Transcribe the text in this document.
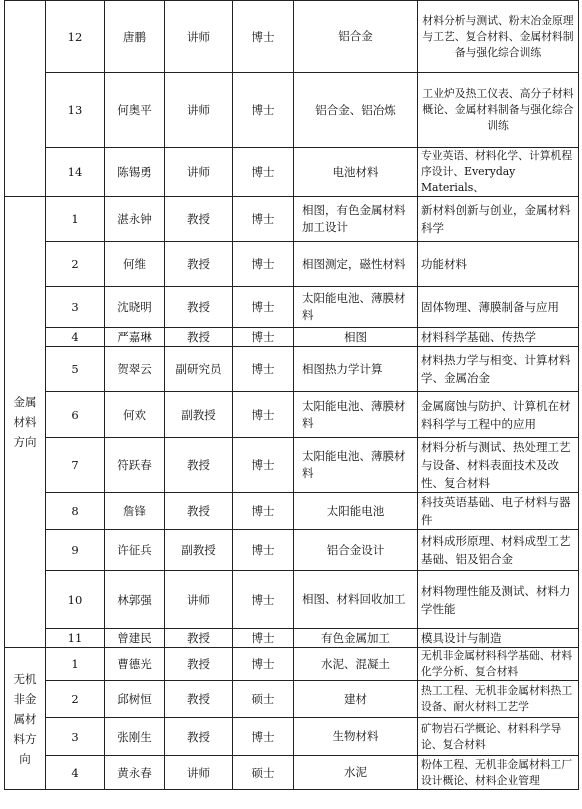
	12	唐鹏	讲师	博士	铝合金	材料分析与测试、粉末冶金原理与工艺、复合材料、金属材料制备与强化综合训练
	13	何奥平	讲师	博士	铝合金、铝冶炼	工业炉及热工仪表、高分子材料概论、金属材料制备与强化综合训练
	14	陈锡勇	讲师	博士	电池材料	专业英语、材料化学、计算机程序设计、Everyday Materials、
金属材料方向	1	湛永钟	教授	博士	相图，有色金属材料加工设计	新材料创新与创业，金属材料科学
	2	何维	教授	博士	相图测定，磁性材料	功能材料
	3	沈晓明	教授	博士	太阳能电池、薄膜材料	固体物理、薄膜制备与应用
	4	严嘉琳	教授	博士	相图	材料科学基础、传热学
	5	贺翠云	副研究员	博士	相图热力学计算	材料热力学与相变、计算材料学、金属冶金
	6	何欢	副教授	博士	太阳能电池、薄膜材料	金属腐蚀与防护、计算机在材料科学与工程中的应用
	7	符跃春	教授	博士	太阳能电池、薄膜材料	材料分析与测试、热处理工艺与设备、材料表面技术及改性、复合材料
	8	詹锋	教授	博士	太阳能电池	科技英语基础、电子材料与器件
	9	许征兵	副教授	博士	铝合金设计	材料成形原理、材料成型工艺基础、铝及铝合金
	10	林郭强	讲师	博士	相图、材料回收加工	材料物理性能及测试、材料力学性能
	11	曾建民	教授	博士	有色金属加工	模具设计与制造
无机非金属材料方向	1	曹德光	教授	博士	水泥、混凝土	无机非金属材料科学基础、材料化学分析、复合材料
	2	邱树恒	教授	硕士	建材	热工工程、无机非金属材料热工设备、耐火材料工艺学
	3	张刚生	教授	博士	生物材料	矿物岩石学概论、材料科学导论、复合材料
	4	黄永春	讲师	硕士	水泥	粉体工程、无机非金属材料工厂设计概论、材料企业管理
